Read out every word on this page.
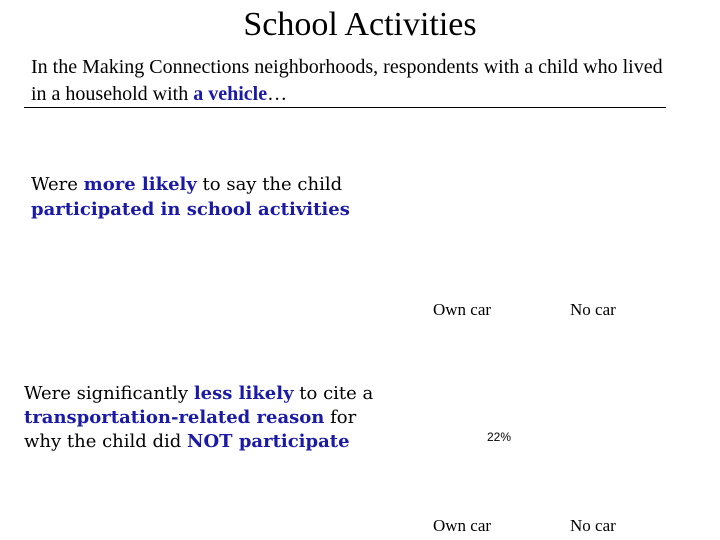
School Activities
In the Making Connections neighborhoods, respondents with a child who lived in a household with a vehicle…
Were more likely to say the child
participated in school activities
Own car	No car
Were significantly less likely to cite a transportation-related reason for why the child did NOT participate	22%
Own car	No car
